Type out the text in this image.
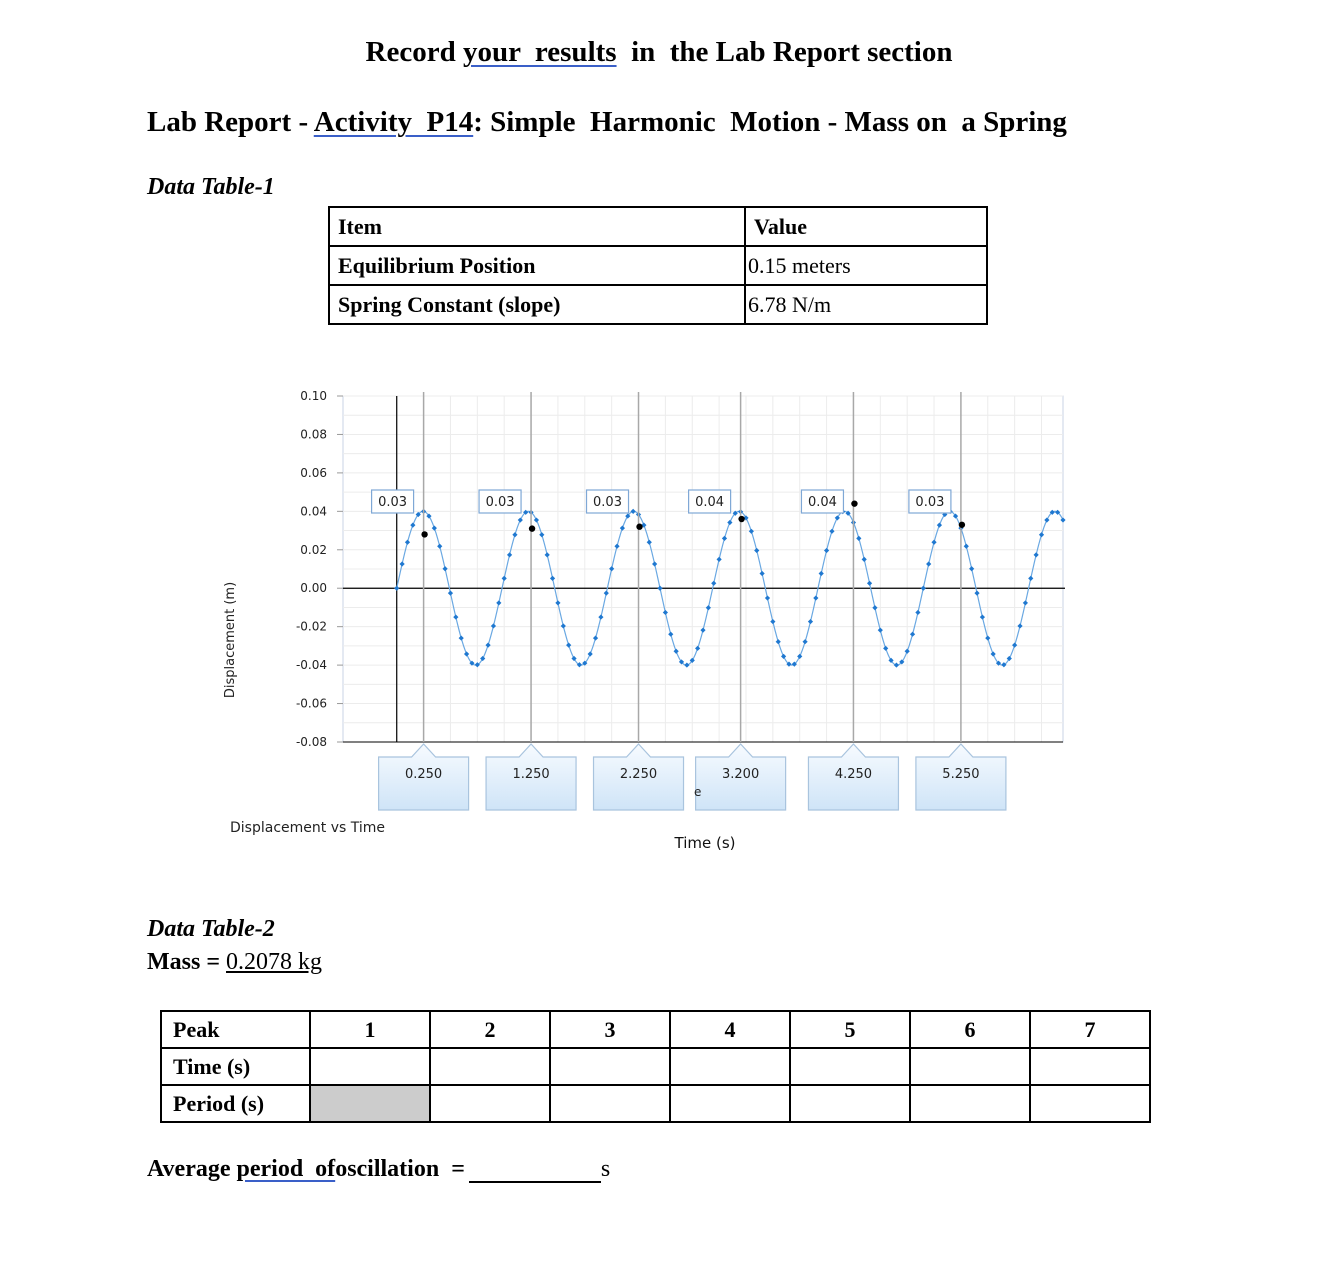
Record your  results  in  the Lab Report section
Lab Report - Activity  P14: Simple  Harmonic  Motion - Mass on  a Spring
Data Table-1
Item	Value
Equilibrium Position	0.15 meters
Spring Constant (slope)	6.78 N/m
0.10
0.08
0.06
0.04
0.02
0.00
-0.02
-0.04
-0.06
-0.08
0.03
0.250
0.03
1.250
0.03
2.250
0.04
3.200
0.04
4.250
0.03
5.250
Displacement (m)
Displacement vs Time
Time (s)
e
Data Table-2
Mass = 0.2078 kg
Peak	1	2	3	4	5	6	7
Time (s)							
Period (s)							
Average period  ofoscillation  =	s
